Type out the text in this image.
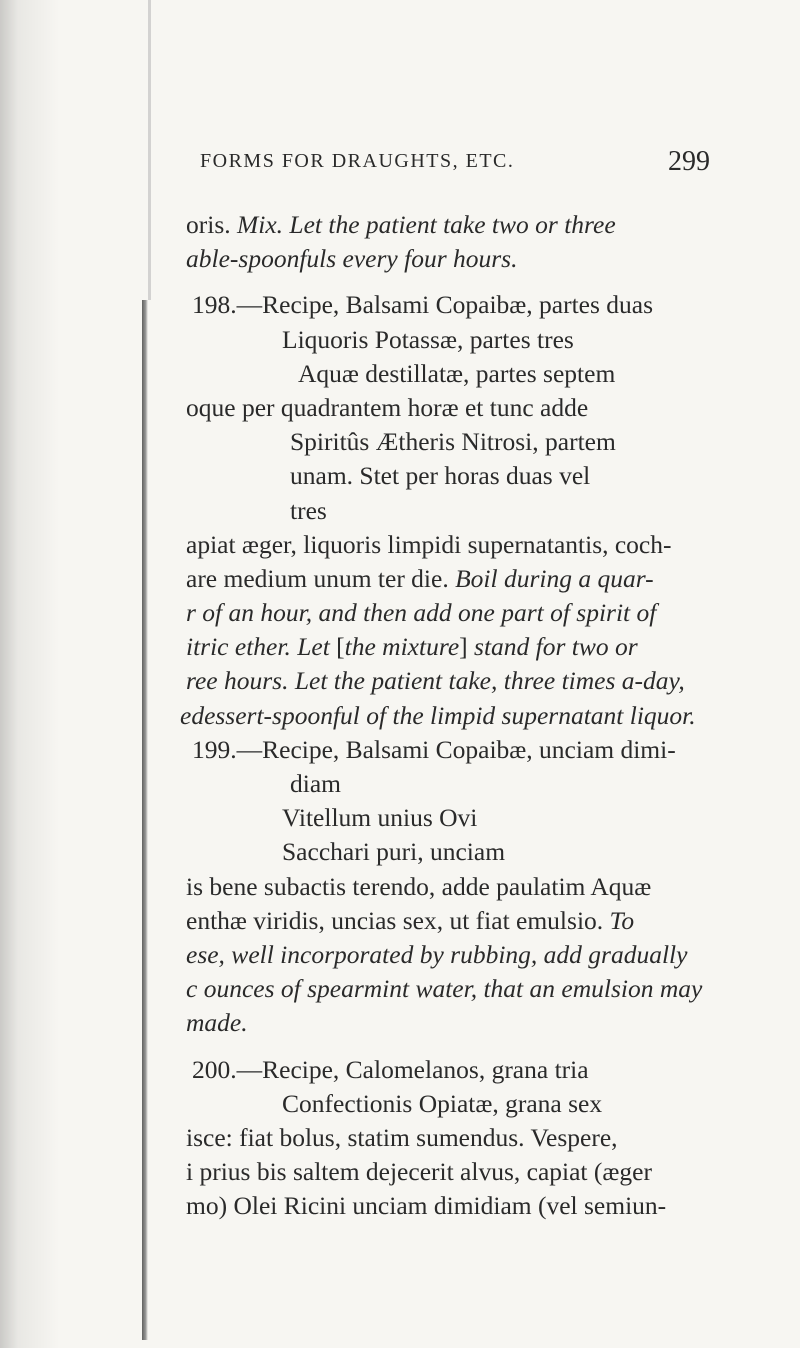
FORMS FOR DRAUGHTS, ETC.	299
oris. Mix. Let the patient take two or three
able-spoonfuls every four hours.
198.—Recipe, Balsami Copaibæ, partes duas
Liquoris Potassæ, partes tres
Aquæ destillatæ, partes septem
oque per quadrantem horæ et tunc adde
Spiritûs Ætheris Nitrosi, partem
unam. Stet per horas duas vel
tres
apiat æger, liquoris limpidi supernatantis, coch-
are medium unum ter die. Boil during a quar-
r of an hour, and then add one part of spirit of
itric ether. Let [the mixture] stand for two or
ree hours. Let the patient take, three times a-day,
edessert-spoonful of the limpid supernatant liquor.
199.—Recipe, Balsami Copaibæ, unciam dimi-
diam
Vitellum unius Ovi
Sacchari puri, unciam
is bene subactis terendo, adde paulatim Aquæ
enthæ viridis, uncias sex, ut fiat emulsio. To
ese, well incorporated by rubbing, add gradually
c ounces of spearmint water, that an emulsion may
made.
200.—Recipe, Calomelanos, grana tria
Confectionis Opiatæ, grana sex
isce: fiat bolus, statim sumendus. Vespere,
i prius bis saltem dejecerit alvus, capiat (æger
mo) Olei Ricini unciam dimidiam (vel semiun-
